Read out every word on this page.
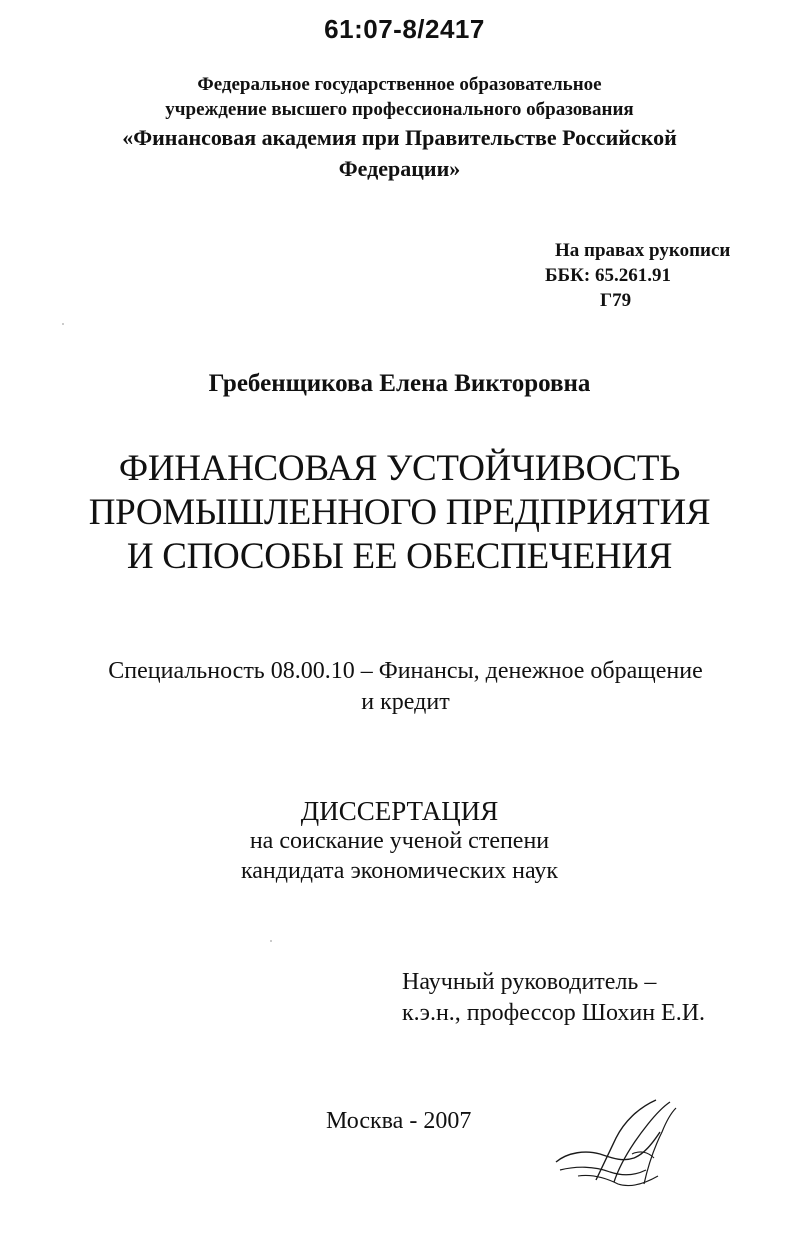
61:07-8/2417
Федеральное государственное образовательное
учреждение высшего профессионального образования
«Финансовая академия при Правительстве Российской
Федерации»
На правах рукописи
ББК: 65.261.91
Г79
Гребенщикова Елена Викторовна
ФИНАНСОВАЯ УСТОЙЧИВОСТЬ
ПРОМЫШЛЕННОГО ПРЕДПРИЯТИЯ
И СПОСОБЫ ЕЕ ОБЕСПЕЧЕНИЯ
Специальность 08.00.10 – Финансы, денежное обращение
и кредит
ДИССЕРТАЦИЯ
на соискание ученой степени
кандидата экономических наук
Научный руководитель –
к.э.н., профессор Шохин Е.И.
Москва - 2007
